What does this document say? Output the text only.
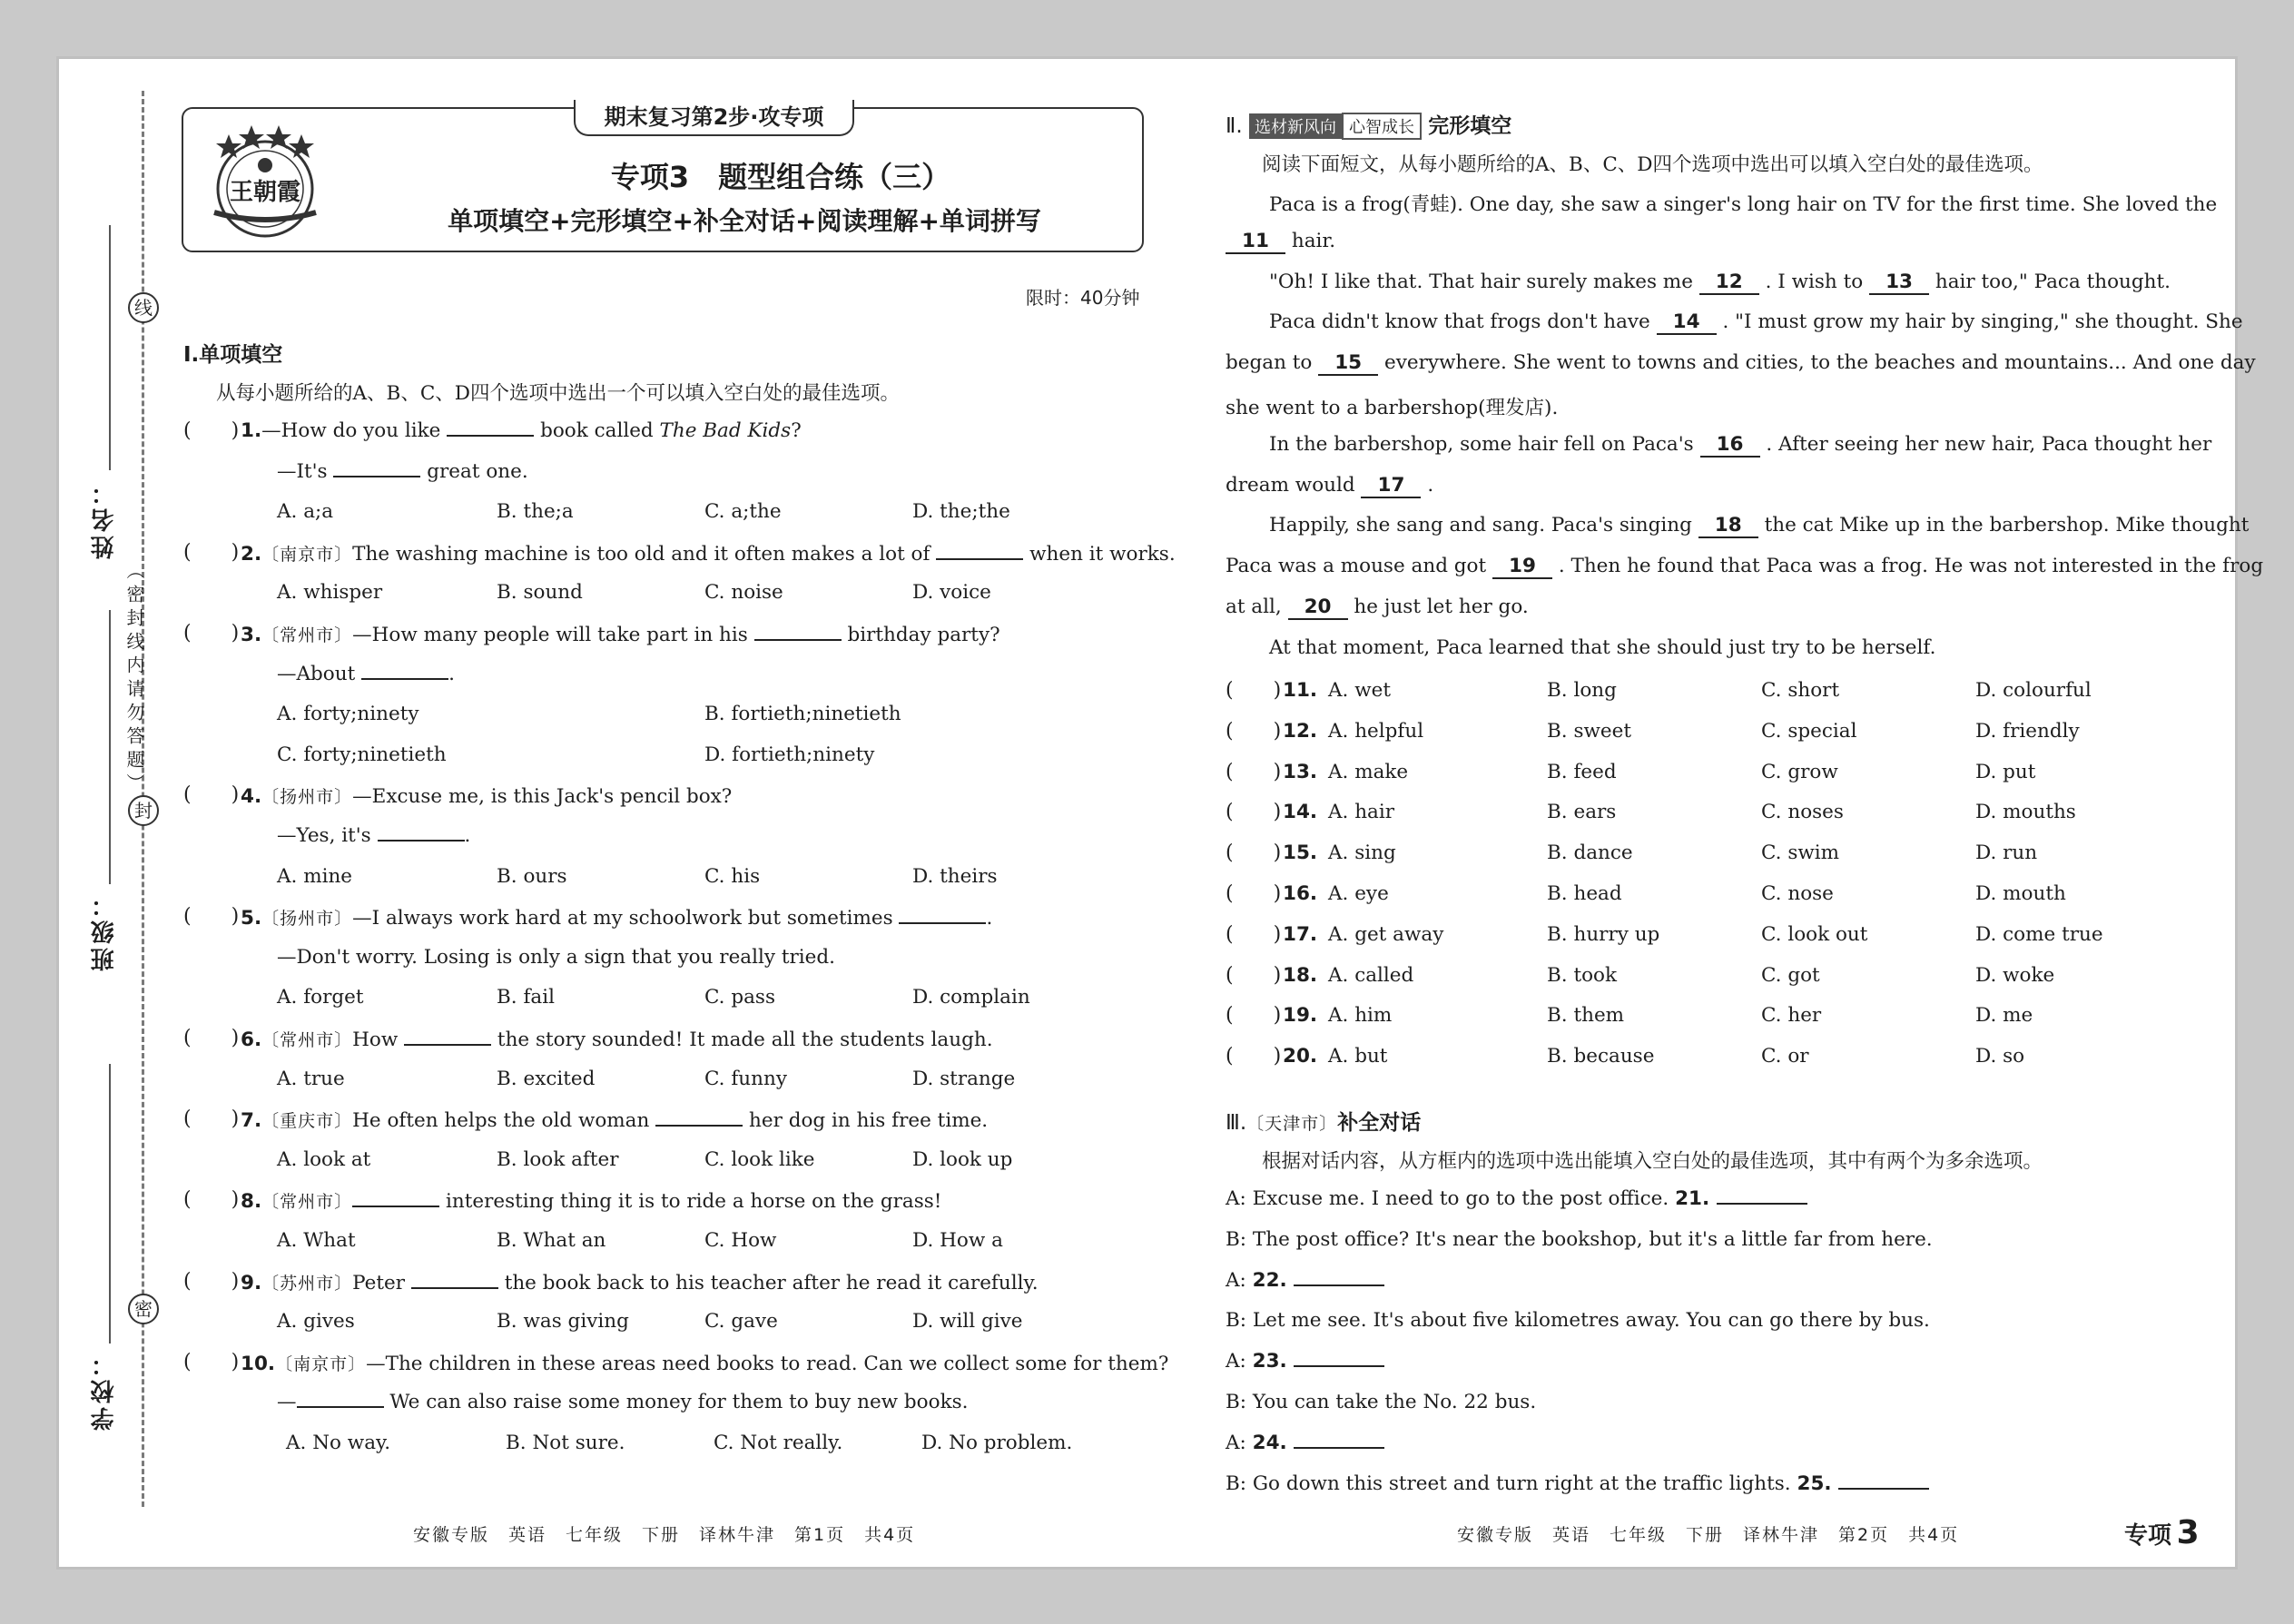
线
封
密
（密封线内请勿答题）
姓名：
班级：
学校：
期末复习第2步·攻专项
专项3　题型组合练（三）
单项填空+完形填空+补全对话+阅读理解+单词拼写
王朝霞
限时：40分钟
Ⅰ.单项填空
从每小题所给的A、B、C、D四个选项中选出一个可以填入空白处的最佳选项。
(  ) 1.—How do you like	book called The Bad Kids?
—It's	great one.
A. a;a	B. the;a	C. a;the	D. the;the
(  ) 2.〔南京市〕The washing machine is too old and it often makes a lot of	when it works.
A. whisper	B. sound	C. noise	D. voice
(  ) 3.〔常州市〕—How many people will take part in his	birthday party?
—About	.
A. forty;ninety	B. fortieth;ninetieth
C. forty;ninetieth	D. fortieth;ninety
(  ) 4.〔扬州市〕—Excuse me, is this Jack's pencil box?
—Yes, it's	.
A. mine	B. ours	C. his	D. theirs
(  ) 5.〔扬州市〕—I always work hard at my schoolwork but sometimes	.
—Don't worry. Losing is only a sign that you really tried.
A. forget	B. fail	C. pass	D. complain
(  ) 6.〔常州市〕How	the story sounded! It made all the students laugh.
A. true	B. excited	C. funny	D. strange
(  ) 7.〔重庆市〕He often helps the old woman	her dog in his free time.
A. look at	B. look after	C. look like	D. look up
(  ) 8.〔常州市〕	interesting thing it is to ride a horse on the grass!
A. What	B. What an	C. How	D. How a
(  ) 9.〔苏州市〕Peter	the book back to his teacher after he read it carefully.
A. gives	B. was giving	C. gave	D. will give
(  ) 10.〔南京市〕—The children in these areas need books to read. Can we collect some for them?
—	We can also raise some money for them to buy new books.
A. No way.	B. Not sure.	C. Not really.	D. No problem.
Ⅱ. 选材新风向 心智成长 完形填空
阅读下面短文，从每小题所给的A、B、C、D四个选项中选出可以填入空白处的最佳选项。
Paca is a frog(青蛙). One day, she saw a singer's long hair on TV for the first time. She loved the
11 hair.
"Oh! I like that. That hair surely makes me 12 . I wish to 13 hair too," Paca thought.
Paca didn't know that frogs don't have 14 . "I must grow my hair by singing," she thought. She
began to 15 everywhere. She went to towns and cities, to the beaches and mountains... And one day
she went to a barbershop(理发店).
In the barbershop, some hair fell on Paca's 16 . After seeing her new hair, Paca thought her
dream would 17 .
Happily, she sang and sang. Paca's singing 18 the cat Mike up in the barbershop. Mike thought
Paca was a mouse and got 19 . Then he found that Paca was a frog. He was not interested in the frog
at all, 20 he just let her go.
At that moment, Paca learned that she should just try to be herself.
(  ) 11. A. wet	B. long	C. short	D. colourful
(  ) 12. A. helpful	B. sweet	C. special	D. friendly
(  ) 13. A. make	B. feed	C. grow	D. put
(  ) 14. A. hair	B. ears	C. noses	D. mouths
(  ) 15. A. sing	B. dance	C. swim	D. run
(  ) 16. A. eye	B. head	C. nose	D. mouth
(  ) 17. A. get away	B. hurry up	C. look out	D. come true
(  ) 18. A. called	B. took	C. got	D. woke
(  ) 19. A. him	B. them	C. her	D. me
(  ) 20. A. but	B. because	C. or	D. so
Ⅲ.〔天津市〕补全对话
根据对话内容，从方框内的选项中选出能填入空白处的最佳选项，其中有两个为多余选项。
A: Excuse me. I need to go to the post office. 21.
B: The post office? It's near the bookshop, but it's a little far from here.
A: 22.
B: Let me see. It's about five kilometres away. You can go there by bus.
A: 23.
B: You can take the No. 22 bus.
A: 24.
B: Go down this street and turn right at the traffic lights. 25.
安徽专版　英语　七年级　下册　译林牛津　第1页　共4页	安徽专版　英语　七年级　下册　译林牛津　第2页　共4页	专项 3
